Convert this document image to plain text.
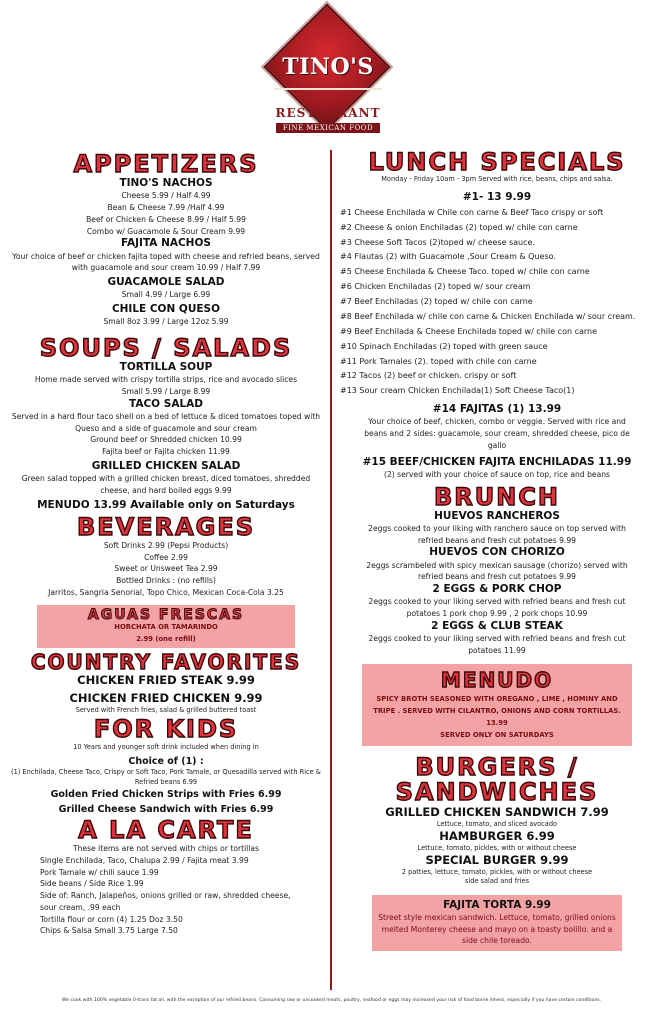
TINO'S
RESTAURANT
FINE MEXICAN FOOD
APPETIZERS
TINO'S NACHOS
Cheese 5.99 / Half 4.99
Bean & Cheese 7.99 /Half 4.99
Beef or Chicken & Cheese 8.99 / Half 5.99
Combo w/ Guacamole & Sour Cream 9.99
FAJITA NACHOS
Your choice of beef or chicken fajita toped with cheese and refried beans, served with guacamole and sour cream 10.99 / Half 7.99
GUACAMOLE SALAD
Small 4.99 / Large 6.99
CHILE CON QUESO
Small 8oz 3.99 / Large 12oz 5.99
SOUPS / SALADS
TORTILLA SOUP
Home made served with crispy tortilla strips, rice and avocado slices
Small 5.99 / Large 8.99
TACO SALAD
Served in a hard flour taco shell on a bed of lettuce & diced tomatoes toped with Queso and a side of guacamole and sour cream
Ground beef or Shredded chicken 10.99
Fajita beef or Fajita chicken 11.99
GRILLED CHICKEN SALAD
Green salad topped with a grilled chicken breast, diced tomatoes, shredded cheese, and hard boiled eggs 9.99
MENUDO 13.99 Available only on Saturdays
BEVERAGES
Soft Drinks 2.99 (Pepsi Products)
Coffee 2.99
Sweet or Unsweet Tea 2.99
Bottled Drinks : (no refills)
Jarritos, Sangria Senorial, Topo Chico, Mexican Coca-Cola 3.25
AGUAS FRESCAS
HORCHATA OR TAMARINDO
2.99 (one refill)
COUNTRY FAVORITES
CHICKEN FRIED STEAK 9.99
CHICKEN FRIED CHICKEN 9.99
Served with French fries, salad & grilled buttered toast
FOR KIDS
10 Years and younger soft drink included when dining in
Choice of (1) :
(1) Enchilada, Cheese Taco, Crispy or Soft Taco, Pork Tamale, or Quesadilla served with Rice & Refried beans 6.99
Golden Fried Chicken Strips with Fries 6.99
Grilled Cheese Sandwich with Fries 6.99
A LA CARTE
These items are not served with chips or tortillas
Single Enchilada, Taco, Chalupa 2.99 / Fajita meat 3.99
Pork Tamale w/ chili sauce 1.99
Side beans / Side Rice 1.99
Side of: Ranch, Jalapeños, onions grilled or raw, shredded cheese, sour cream, .99 each
Tortilla flour or corn (4) 1.25 Doz 3.50
Chips & Salsa Small 3.75 Large 7.50
LUNCH SPECIALS
Monday - Friday 10am - 3pm Served with rice, beans, chips and salsa.
#1- 13 9.99
#1 Cheese Enchilada w Chile con carne & Beef Taco crispy or soft
#2 Cheese & onion Enchiladas (2) toped w/ chile con carne
#3 Cheese Soft Tacos (2)toped w/ cheese sauce.
#4 Flautas (2) with Guacamole ,Sour Cream & Queso.
#5 Cheese Enchilada & Cheese Taco. toped w/ chile con carne
#6 Chicken Enchiladas (2) toped w/ sour cream
#7 Beef Enchiladas (2) toped w/ chile con carne
#8 Beef Enchilada w/ chile con carne & Chicken Enchilada w/ sour cream.
#9 Beef Enchilada & Cheese Enchilada toped w/ chile con carne
#10 Spinach Enchiladas (2) toped with green sauce
#11 Pork Tamales (2). toped with chile con carne
#12 Tacos (2) beef or chicken. crispy or soft
#13 Sour cream Chicken Enchilada(1) Soft Cheese Taco(1)
#14 FAJITAS (1) 13.99
Your choice of beef, chicken, combo or veggie. Served with rice and beans and 2 sides: guacamole, sour cream, shredded cheese, pico de gallo
#15 BEEF/CHICKEN FAJITA ENCHILADAS 11.99
(2) served with your choice of sauce on top, rice and beans
BRUNCH
HUEVOS RANCHEROS
2eggs cooked to your liking with ranchero sauce on top served with refried beans and fresh cut potatoes 9.99
HUEVOS CON CHORIZO
2eggs scrambeled with spicy mexican sausage (chorizo) served with refried beans and fresh cut potatoes 9.99
2 EGGS & PORK CHOP
2eggs cooked to your liking served with refried beans and fresh cut potatoes 1 pork chop 9.99 , 2 pork chops 10.99
2 EGGS & CLUB STEAK
2eggs cooked to your liking served with refried beans and fresh cut potatoes 11.99
MENUDO
SPICY BROTH SEASONED WITH OREGANO , LIME , HOMINY AND TRIPE . SERVED WITH CILANTRO, ONIONS AND CORN TORTILLAS. 13.99
SERVED ONLY ON SATURDAYS
BURGERS / SANDWICHES
GRILLED CHICKEN SANDWICH 7.99
Lettuce, tomato, and sliced avocado
HAMBURGER 6.99
Lettuce, tomato, pickles, with or without cheese
SPECIAL BURGER 9.99
2 patties, lettuce, tomato, pickles, with or without cheese side salad and fries
FAJITA TORTA 9.99
Street style mexican sandwich. Lettuce, tomato, grilled onions melted Monterey cheese and mayo on a toasty bolillo. and a side chile toreado.
We cook with 100% vegetable 0-trans fat oil, with the exception of our refried beans. Consuming raw or uncooked meats, poultry, seafood or eggs may increased your risk of food borne illness, especially if you have certain conditions.
